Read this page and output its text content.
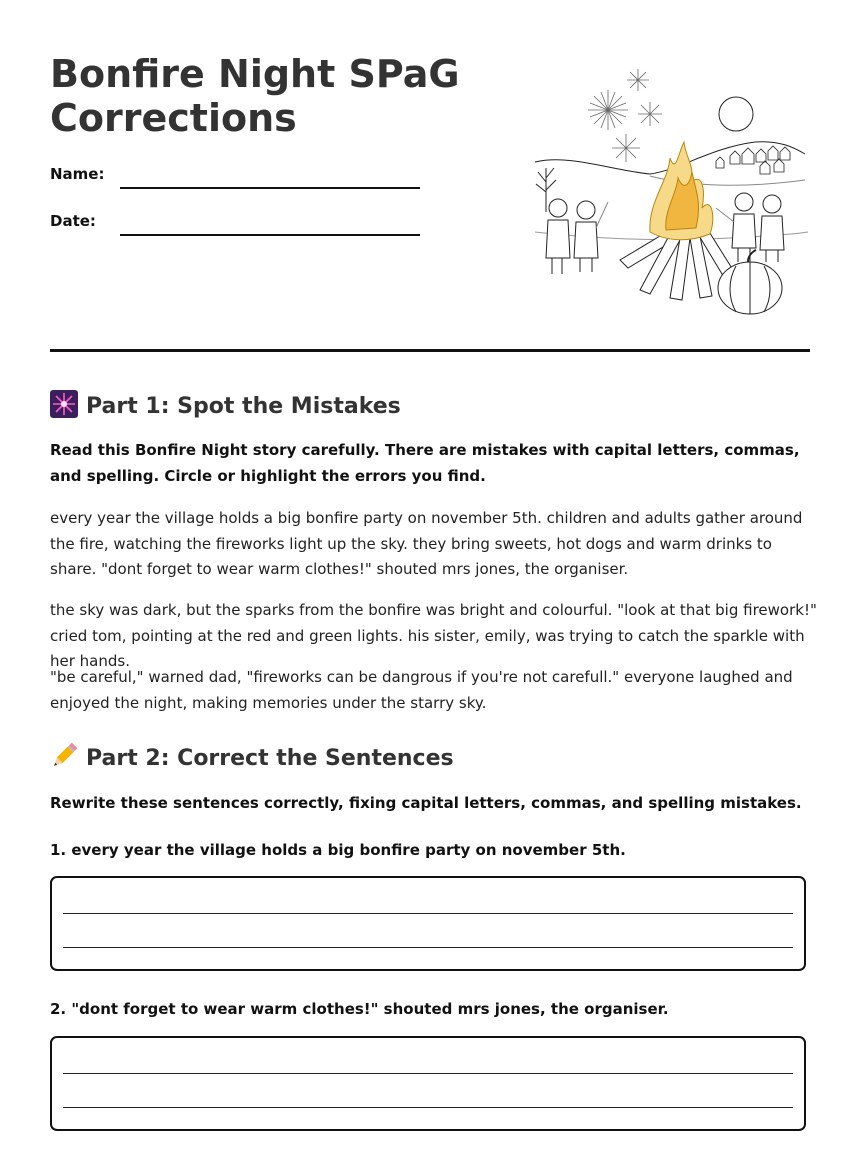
Bonfire Night SPaG Corrections
Name:
Date:
Part 1: Spot the Mistakes

Read this Bonfire Night story carefully. There are mistakes with capital letters, commas, and spelling. Circle or highlight the errors you find.

every year the village holds a big bonfire party on november 5th. children and adults gather around the fire, watching the fireworks light up the sky. they bring sweets, hot dogs and warm drinks to share. "dont forget to wear warm clothes!" shouted mrs jones, the organiser.

the sky was dark, but the sparks from the bonfire was bright and colourful. "look at that big firework!" cried tom, pointing at the red and green lights. his sister, emily, was trying to catch the sparkle with her hands.

"be careful," warned dad, "fireworks can be dangrous if you're not carefull." everyone laughed and enjoyed the night, making memories under the starry sky.

Part 2: Correct the Sentences

Rewrite these sentences correctly, fixing capital letters, commas, and spelling mistakes.

1. every year the village holds a big bonfire party on november 5th.

2. "dont forget to wear warm clothes!" shouted mrs jones, the organiser.
